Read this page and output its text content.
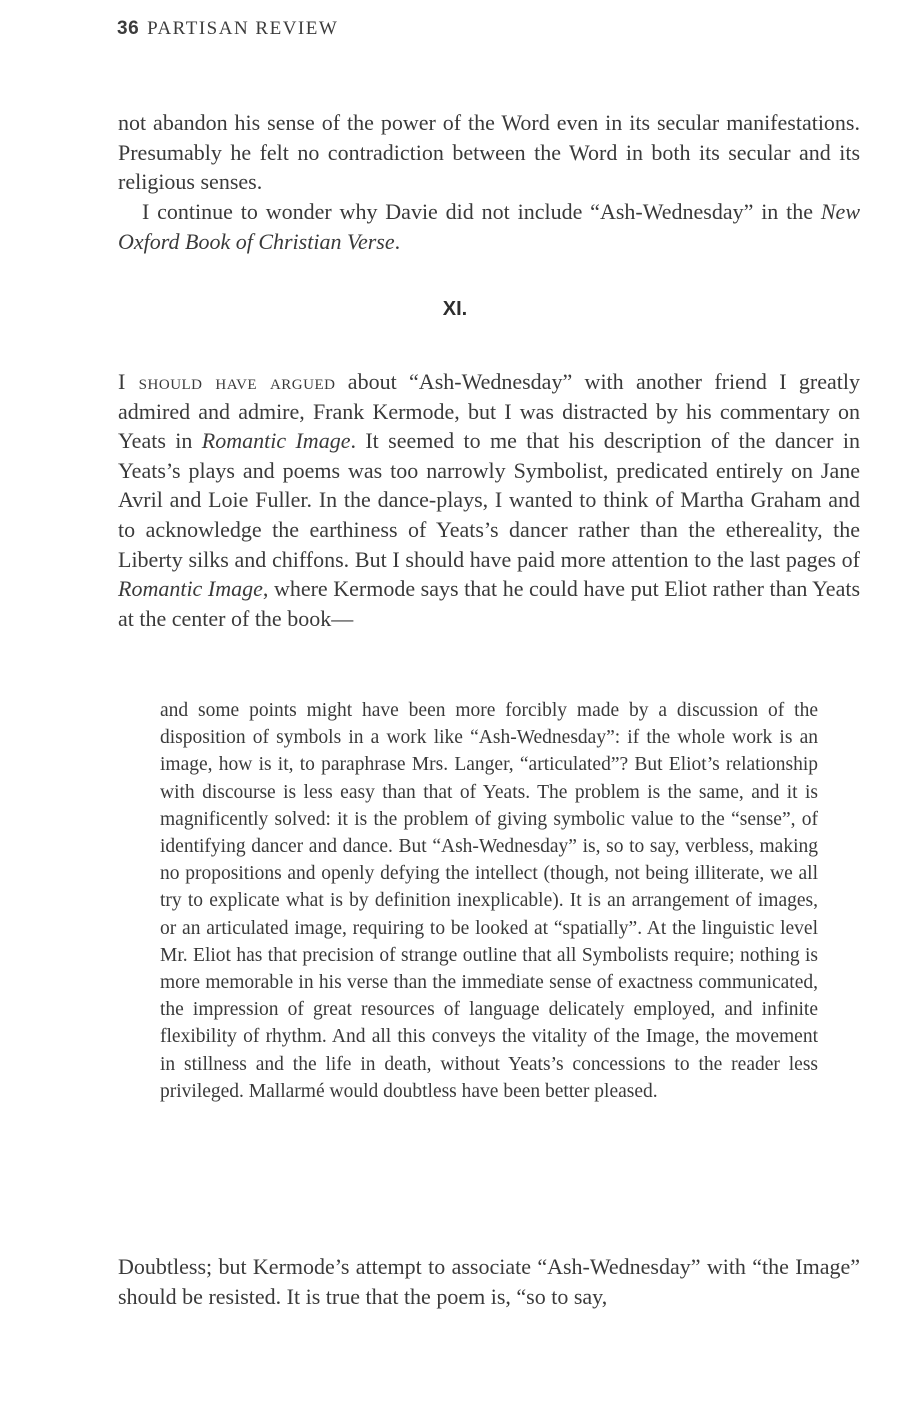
36 PARTISAN REVIEW

not abandon his sense of the power of the Word even in its secular manifestations. Presumably he felt no contradiction between the Word in both its secular and its religious senses.

I continue to wonder why Davie did not include “Ash-Wednesday” in the New Oxford Book of Christian Verse.

XI.

I should have argued about “Ash-Wednesday” with another friend I greatly admired and admire, Frank Kermode, but I was distracted by his commentary on Yeats in Romantic Image. It seemed to me that his description of the dancer in Yeats’s plays and poems was too narrowly Symbolist, predicated entirely on Jane Avril and Loie Fuller. In the dance-plays, I wanted to think of Martha Graham and to acknowledge the earthiness of Yeats’s dancer rather than the ethereality, the Liberty silks and chiffons. But I should have paid more attention to the last pages of Romantic Image, where Kermode says that he could have put Eliot rather than Yeats at the center of the book—

and some points might have been more forcibly made by a discussion of the disposition of symbols in a work like “Ash-Wednesday”: if the whole work is an image, how is it, to paraphrase Mrs. Langer, “articulated”? But Eliot’s relationship with discourse is less easy than that of Yeats. The problem is the same, and it is magnificently solved: it is the problem of giving symbolic value to the “sense”, of identifying dancer and dance. But “Ash-Wednesday” is, so to say, verbless, making no propositions and openly defying the intellect (though, not being illiterate, we all try to explicate what is by definition inexplicable). It is an arrangement of images, or an articulated image, requiring to be looked at “spatially”. At the linguistic level Mr. Eliot has that precision of strange outline that all Symbolists require; nothing is more memorable in his verse than the immediate sense of exactness communicated, the impression of great resources of language delicately employed, and infinite flexibility of rhythm. And all this conveys the vitality of the Image, the movement in stillness and the life in death, without Yeats’s concessions to the reader less privileged. Mallarmé would doubtless have been better pleased.

Doubtless; but Kermode’s attempt to associate “Ash-Wednesday” with “the Image” should be resisted. It is true that the poem is, “so to say,
